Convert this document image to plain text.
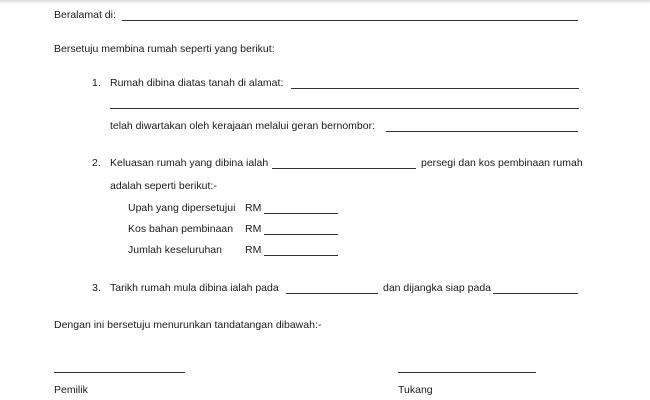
Beralamat di:
Bersetuju membina rumah seperti yang berikut:
1. Rumah dibina diatas tanah di alamat:
telah diwartakan oleh kerajaan melalui geran bernombor:
2. Keluasan rumah yang dibina ialah	persegi dan kos pembinaan rumah
adalah seperti berikut:-
Upah yang dipersetujui RM
Kos bahan pembinaan RM
Jumlah keseluruhan RM
3. Tarikh rumah mula dibina ialah pada	dan dijangka siap pada
Dengan ini bersetuju menurunkan tandatangan dibawah:-
Pemilik	Tukang
